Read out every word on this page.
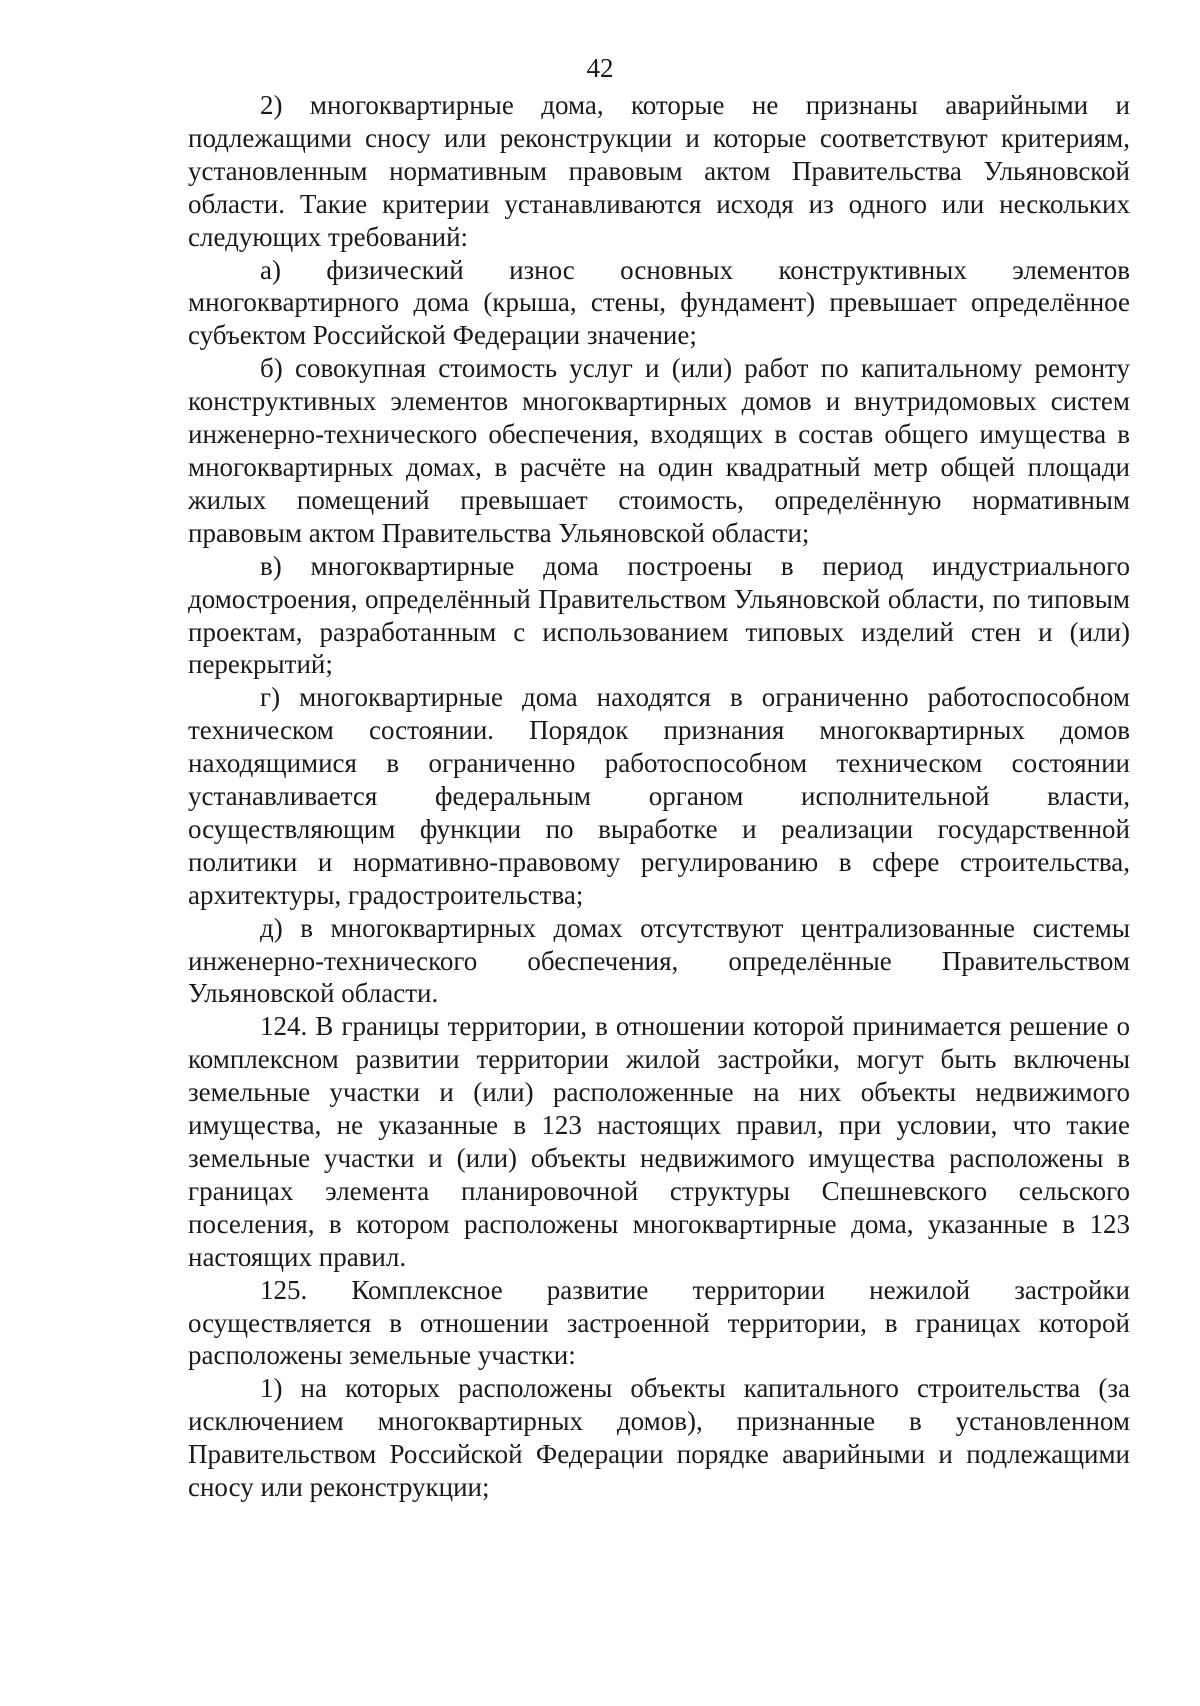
42

2) многоквартирные дома, которые не признаны аварийными и подлежащими сносу или реконструкции и которые соответствуют критериям, установленным нормативным правовым актом Правительства Ульяновской области. Такие критерии устанавливаются исходя из одного или нескольких следующих требований:

а) физический износ основных конструктивных элементов многоквартирного дома (крыша, стены, фундамент) превышает определённое субъектом Российской Федерации значение;

б) совокупная стоимость услуг и (или) работ по капитальному ремонту конструктивных элементов многоквартирных домов и внутридомовых систем инженерно-технического обеспечения, входящих в состав общего имущества в многоквартирных домах, в расчёте на один квадратный метр общей площади жилых помещений превышает стоимость, определённую нормативным правовым актом Правительства Ульяновской области;

в) многоквартирные дома построены в период индустриального домостроения, определённый Правительством Ульяновской области, по типовым проектам, разработанным с использованием типовых изделий стен и (или) перекрытий;

г) многоквартирные дома находятся в ограниченно работоспособном техническом состоянии. Порядок признания многоквартирных домов находящимися в ограниченно работоспособном техническом состоянии устанавливается федеральным органом исполнительной власти, осуществляющим функции по выработке и реализации государственной политики и нормативно-правовому регулированию в сфере строительства, архитектуры, градостроительства;

д) в многоквартирных домах отсутствуют централизованные системы инженерно-технического обеспечения, определённые Правительством Ульяновской области.

124. В границы территории, в отношении которой принимается решение о комплексном развитии территории жилой застройки, могут быть включены земельные участки и (или) расположенные на них объекты недвижимого имущества, не указанные в 123 настоящих правил, при условии, что такие земельные участки и (или) объекты недвижимого имущества расположены в границах элемента планировочной структуры Спешневского сельского поселения, в котором расположены многоквартирные дома, указанные в 123 настоящих правил.

125. Комплексное развитие территории нежилой застройки осуществляется в отношении застроенной территории, в границах которой расположены земельные участки:

1) на которых расположены объекты капитального строительства (за исключением многоквартирных домов), признанные в установленном Правительством Российской Федерации порядке аварийными и подлежащими сносу или реконструкции;
